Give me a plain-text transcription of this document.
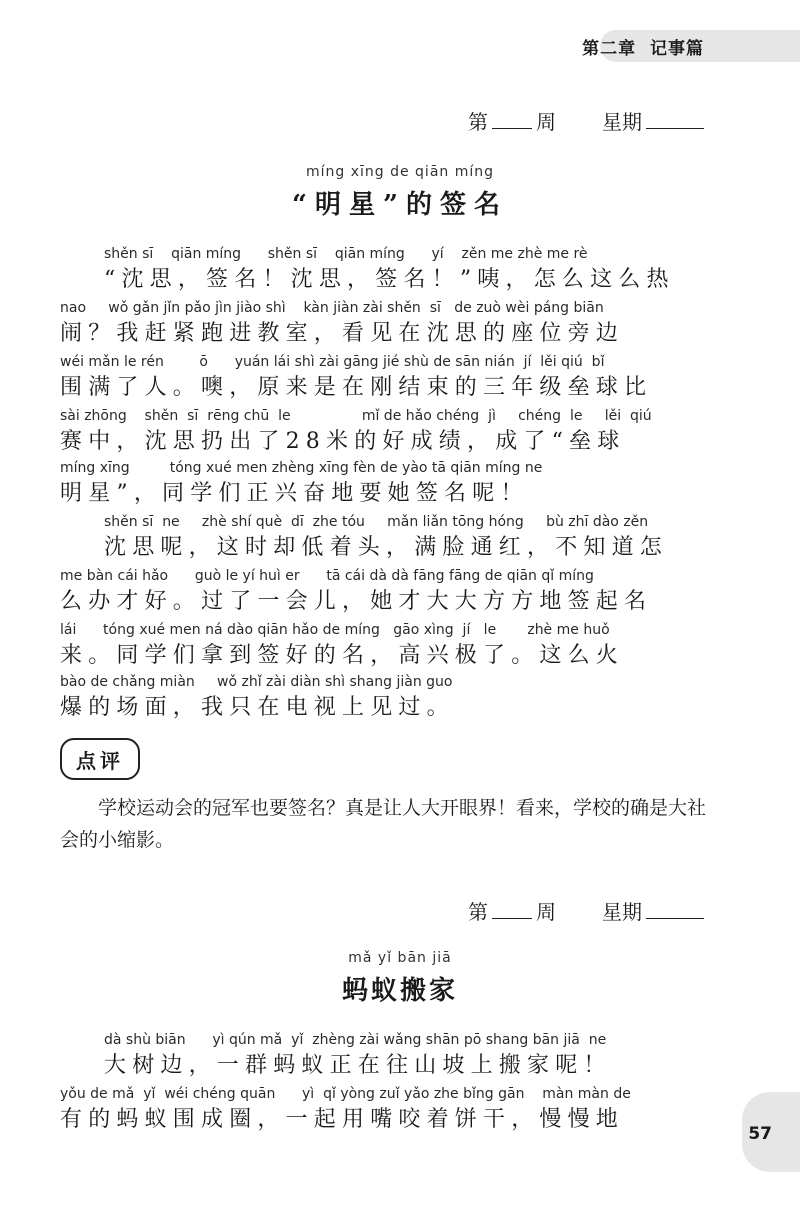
第二章 记事篇
第 周 星期
míng xīng de qiān míng
“明星”的签名
shěn sī    qiān míng      shěn sī    qiān míng      yí    zěn me zhè me rè
“沈思，签名！沈思，签名！”咦，怎么这么热
nao     wǒ gǎn jǐn pǎo jìn jiào shì    kàn jiàn zài shěn  sī   de zuò wèi páng biān
闹？我赶紧跑进教室，看见在沈思的座位旁边
wéi mǎn le rén        ō      yuán lái shì zài gāng jié shù de sān nián  jí  lěi qiú  bǐ
围满了人。噢，原来是在刚结束的三年级垒球比
sài zhōng    shěn  sī  rēng chū  le                mǐ de hǎo chéng  jì     chéng  le     lěi  qiú
赛中，沈思扔出了28米的好成绩，成了“垒球
míng xīng         tóng xué men zhèng xīng fèn de yào tā qiān míng ne
明星”，同学们正兴奋地要她签名呢！
shěn sī  ne     zhè shí què  dī  zhe tóu     mǎn liǎn tōng hóng     bù zhī dào zěn
沈思呢，这时却低着头，满脸通红，不知道怎
me bàn cái hǎo      guò le yí huì er      tā cái dà dà fāng fāng de qiān qǐ míng
么办才好。过了一会儿，她才大大方方地签起名
lái      tóng xué men ná dào qiān hǎo de míng   gāo xìng  jí   le       zhè me huǒ
来。同学们拿到签好的名，高兴极了。这么火
bào de chǎng miàn     wǒ zhǐ zài diàn shì shang jiàn guo
爆的场面，我只在电视上见过。
点评
学校运动会的冠军也要签名？真是让人大开眼界！看来，学校的确是大社会的小缩影。
第 周 星期
mǎ yǐ bān jiā
蚂蚁搬家
dà shù biān      yì qún mǎ  yǐ  zhèng zài wǎng shān pō shang bān jiā  ne
大树边，一群蚂蚁正在往山坡上搬家呢！
yǒu de mǎ  yǐ  wéi chéng quān      yì  qǐ yòng zuǐ yǎo zhe bǐng gān    màn màn de
有的蚂蚁围成圈，一起用嘴咬着饼干，慢慢地
57
